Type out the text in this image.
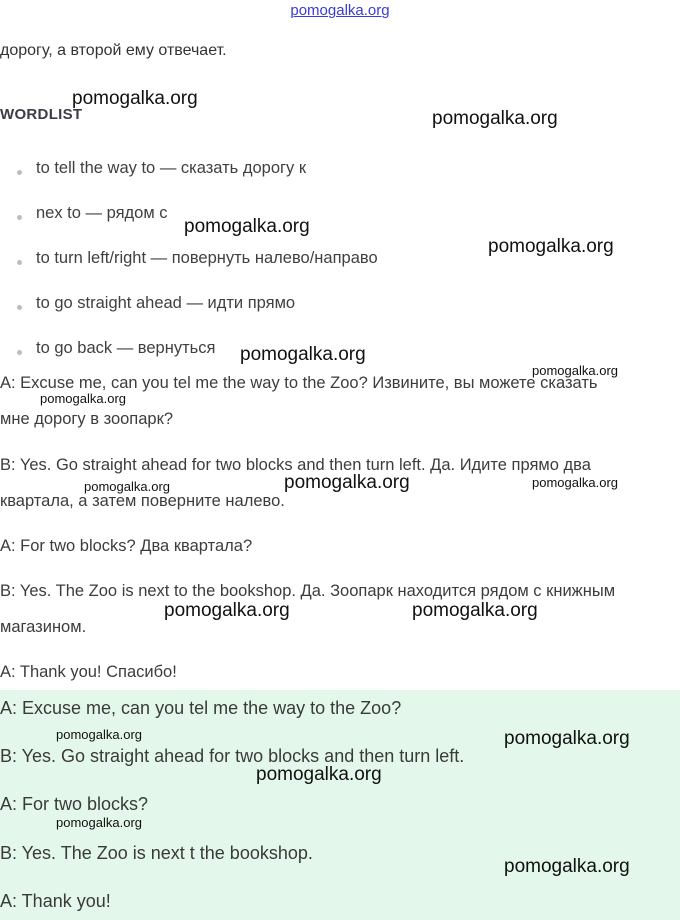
pomogalka.org
дорогу, а второй ему отвечает.
WORDLIST
to tell the way to — сказать дорогу к
nex to — рядом с
to turn left/right — повернуть налево/направо
to go straight ahead — идти прямо
to go back — вернуться
A: Excuse me, can you tel me the way to the Zoo? Извините, вы можете сказать
мне дорогу в зоопарк?
B: Yes. Go straight ahead for two blocks and then turn left. Да. Идите прямо два
квартала, а затем поверните налево.
A: For two blocks? Два квартала?
B: Yes. The Zoo is next to the bookshop. Да. Зоопарк находится рядом с книжным
магазином.
A: Thank you! Спасибо!
A: Excuse me, can you tel me the way to the Zoo?
B: Yes. Go straight ahead for two blocks and then turn left.
A: For two blocks?
B: Yes. The Zoo is next t the bookshop.
A: Thank you!
pomogalka.org
pomogalka.org
pomogalka.org
pomogalka.org
pomogalka.org
pomogalka.org
pomogalka.org
pomogalka.org
pomogalka.org	pomogalka.org
pomogalka.org	pomogalka.org
pomogalka.org	pomogalka.org
pomogalka.org
pomogalka.org
pomogalka.org
